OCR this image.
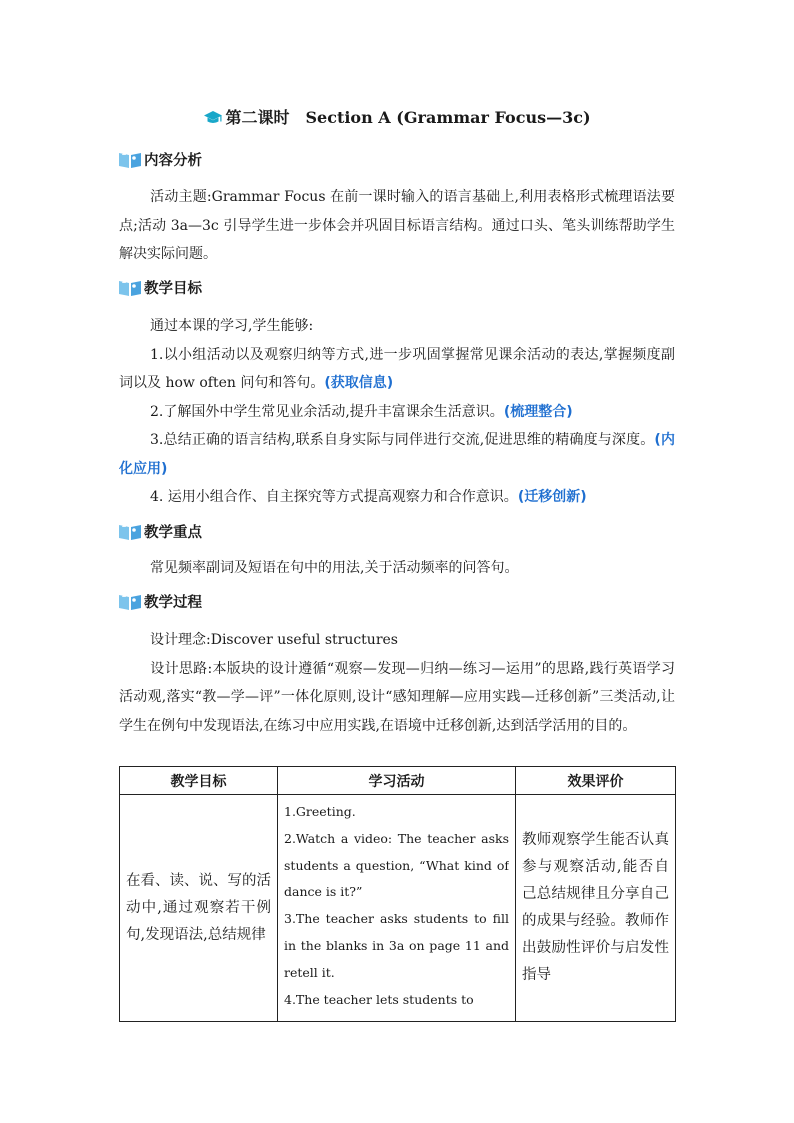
第二课时 Section A (Grammar Focus—3c)
内容分析
活动主题:Grammar Focus 在前一课时输入的语言基础上,利用表格形式梳理语法要点;活动 3a—3c 引导学生进一步体会并巩固目标语言结构。通过口头、笔头训练帮助学生解决实际问题。
教学目标
通过本课的学习,学生能够:
1.以小组活动以及观察归纳等方式,进一步巩固掌握常见课余活动的表达,掌握频度副词以及 how often 问句和答句。(获取信息)
2.了解国外中学生常见业余活动,提升丰富课余生活意识。(梳理整合)
3.总结正确的语言结构,联系自身实际与同伴进行交流,促进思维的精确度与深度。(内化应用)
4. 运用小组合作、自主探究等方式提高观察力和合作意识。(迁移创新)
教学重点
常见频率副词及短语在句中的用法,关于活动频率的问答句。
教学过程
设计理念:Discover useful structures
设计思路:本版块的设计遵循“观察—发现—归纳—练习—运用”的思路,践行英语学习活动观,落实“教—学—评”一体化原则,设计“感知理解—应用实践—迁移创新”三类活动,让学生在例句中发现语法,在练习中应用实践,在语境中迁移创新,达到活学活用的目的。
教学目标	学习活动	效果评价
在看、读、说、写的活动中,通过观察若干例句,发现语法,总结规律	1.Greeting.
2.Watch a video: The teacher asks students a question, “What kind of dance is it?”
3.The teacher asks students to fill in the blanks in 3a on page 11 and retell it.
4.The teacher lets students to	教师观察学生能否认真参与观察活动,能否自己总结规律且分享自己的成果与经验。教师作出鼓励性评价与启发性指导
